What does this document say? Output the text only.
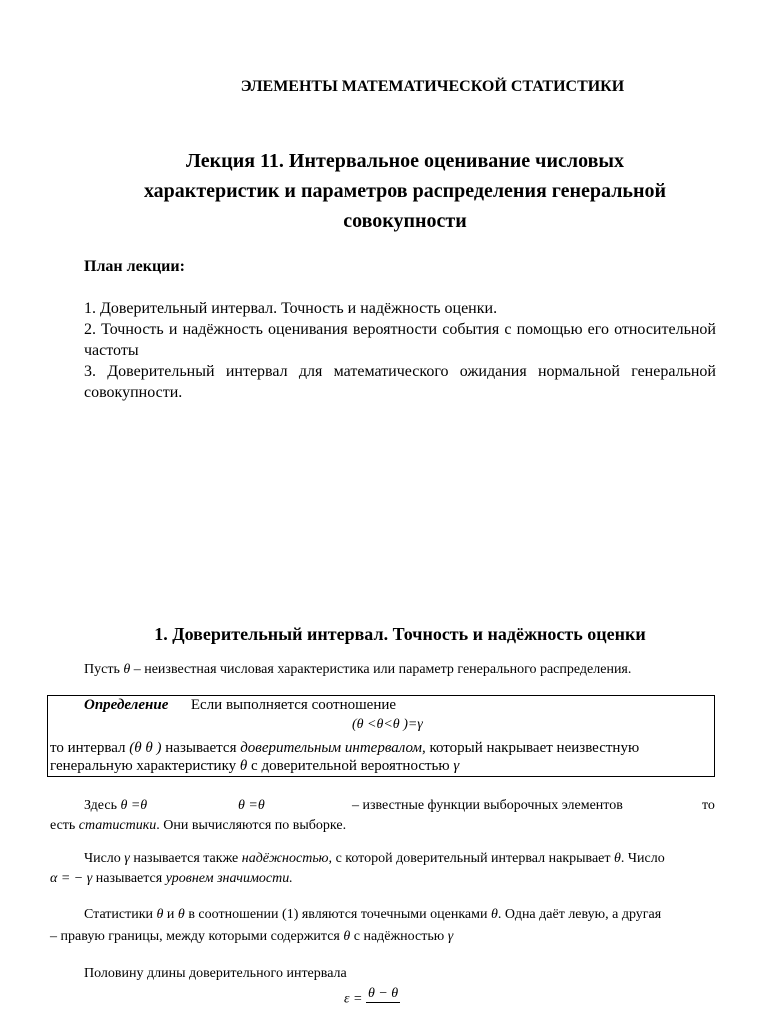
ЭЛЕМЕНТЫ МАТЕМАТИЧЕСКОЙ СТАТИСТИКИ
Лекция 11. Интервальное оценивание числовых
характеристик и параметров распределения генеральной
совокупности
План лекции:

1. Доверительный интервал. Точность и надёжность оценки.

2. Точность и надёжность оценивания вероятности события с помощью его относительной частоты

3. Доверительный интервал для математического ожидания нормальной генеральной совокупности.

1. Доверительный интервал. Точность и надёжность оценки
Пусть θ – неизвестная числовая характеристика или параметр генерального распределения.
Определение Если выполняется соотношение
(θ <θ<θ )=γ
то интервал (θ θ ) называется доверительным интервалом, который накрывает неизвестную
генеральную характеристику θ с доверительной вероятностью γ
Здесь θ =θ	θ =θ	– известные функции выборочных элементов	то
есть статистики. Они вычисляются по выборке.
Число γ называется также надёжностью, с которой доверительный интервал накрывает θ. Число
α = − γ называется уровнем значимости.
Статистики θ и θ в соотношении (1) являются точечными оценками θ. Одна даёт левую, а другая
– правую границы, между которыми содержится θ с надёжностью γ
Половину длины доверительного интервала
ε = θ − θ
